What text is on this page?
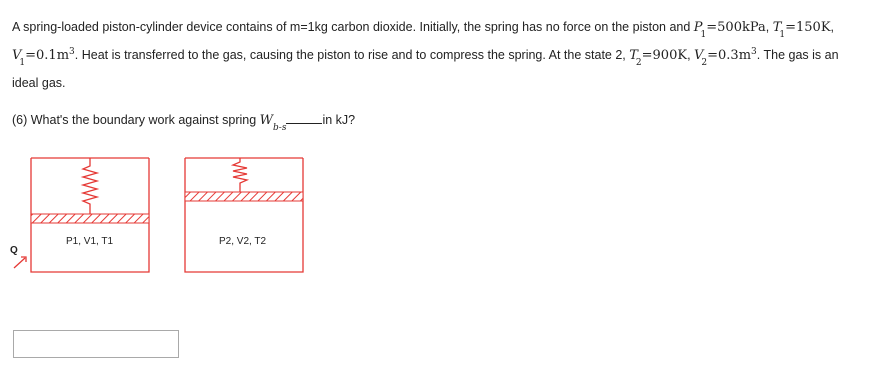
A spring-loaded piston-cylinder device contains of m=1kg carbon dioxide. Initially, the spring has no force on the piston and $P_1=500kPa$, $T_1=150K$, $V_1=0.1m^3$. Heat is transferred to the gas, causing the piston to rise and to compress the spring. At the state 2, $T_2=900K$, $V_2=0.3m^3$. The gas is an ideal gas.
(6) What's the boundary work against spring $W_{b-s}in$ kJ?
P1, V1, T1	P2, V2, T2
Q
